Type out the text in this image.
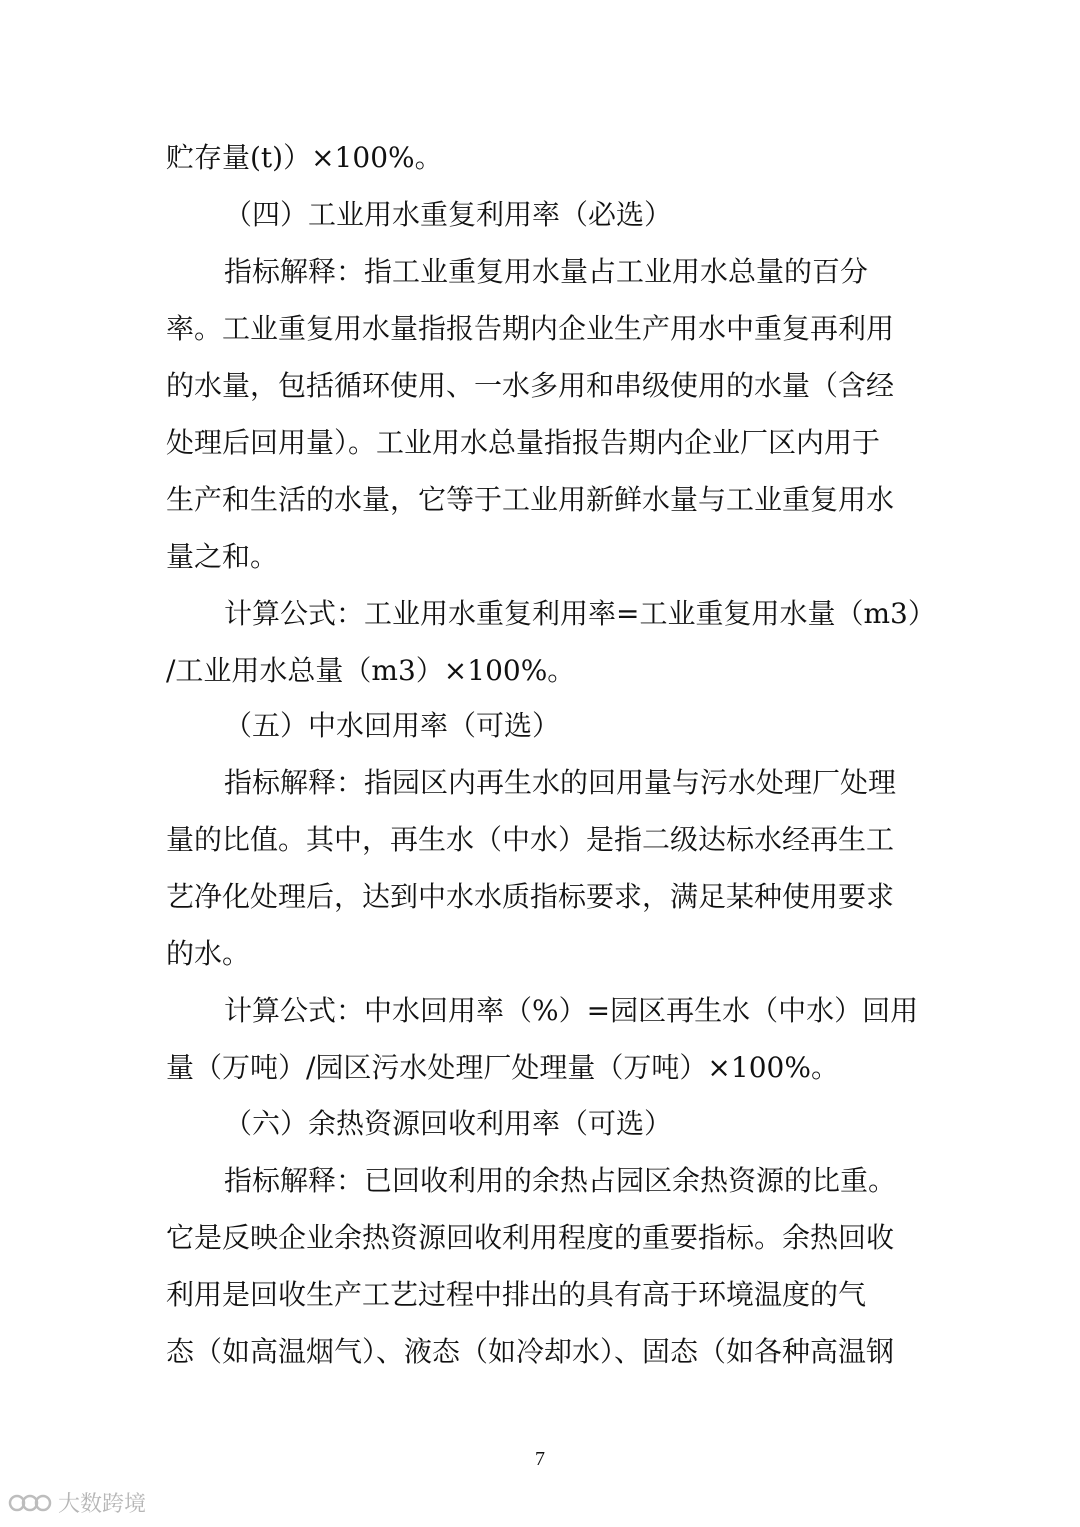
贮存量(t)）×100%。
（四）工业用水重复利用率（必选）
指标解释：指工业重复用水量占工业用水总量的百分
率。工业重复用水量指报告期内企业生产用水中重复再利用
的水量，包括循环使用、一水多用和串级使用的水量（含经
处理后回用量）。工业用水总量指报告期内企业厂区内用于
生产和生活的水量，它等于工业用新鲜水量与工业重复用水
量之和。
计算公式：工业用水重复利用率=工业重复用水量（m3）
/工业用水总量（m3）×100%。
（五）中水回用率（可选）
指标解释：指园区内再生水的回用量与污水处理厂处理
量的比值。其中，再生水（中水）是指二级达标水经再生工
艺净化处理后，达到中水水质指标要求，满足某种使用要求
的水。
计算公式：中水回用率（%）=园区再生水（中水）回用
量（万吨）/园区污水处理厂处理量（万吨）×100%。
（六）余热资源回收利用率（可选）
指标解释：已回收利用的余热占园区余热资源的比重。
它是反映企业余热资源回收利用程度的重要指标。余热回收
利用是回收生产工艺过程中排出的具有高于环境温度的气
态（如高温烟气）、液态（如冷却水）、固态（如各种高温钢
7
大数跨境
